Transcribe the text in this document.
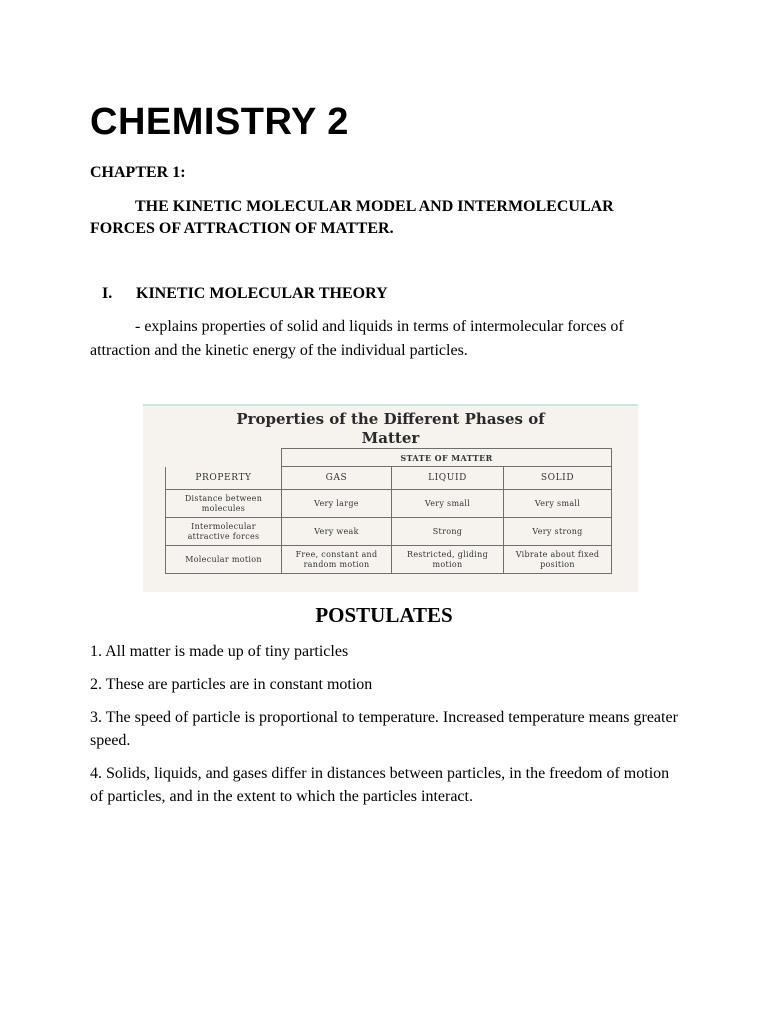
CHEMISTRY 2
CHAPTER 1:
THE KINETIC MOLECULAR MODEL AND INTERMOLECULAR FORCES OF ATTRACTION OF MATTER.
I.	KINETIC MOLECULAR THEORY
- explains properties of solid and liquids in terms of intermolecular forces of attraction and the kinetic energy of the individual particles.
Properties of the Different Phases of
Matter
	STATE OF MATTER		
PROPERTY	GAS	LIQUID	SOLID
Distance between molecules	Very large	Very small	Very small
Intermolecular attractive forces	Very weak	Strong	Very strong
Molecular motion	Free, constant and random motion	Restricted, gliding motion	Vibrate about fixed position
POSTULATES
1. All matter is made up of tiny particles
2. These are particles are in constant motion
3. The speed of particle is proportional to temperature. Increased temperature means greater speed.
4. Solids, liquids, and gases differ in distances between particles, in the freedom of motion of particles, and in the extent to which the particles interact.
